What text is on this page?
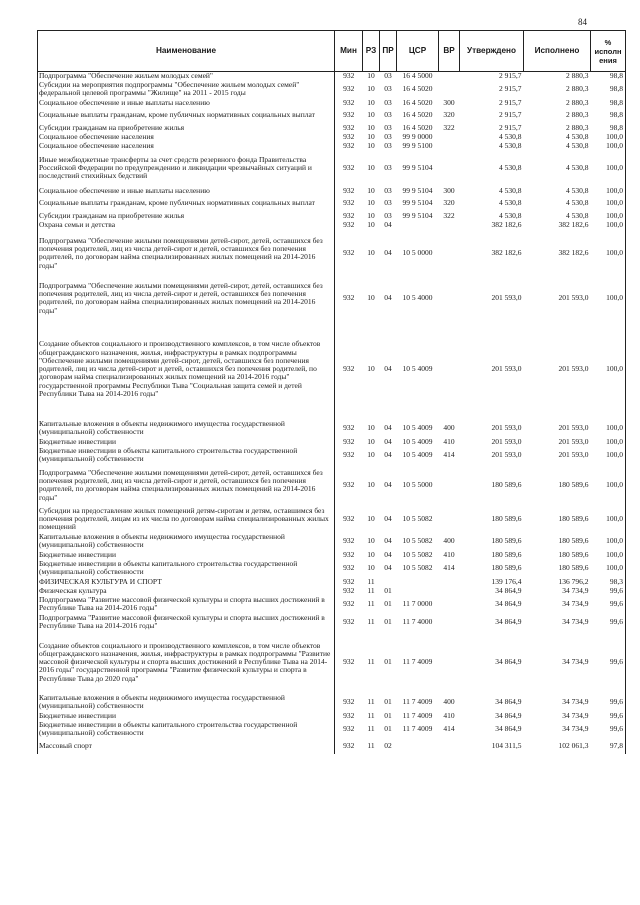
84
Наименование	Мин	РЗ	ПР	ЦСР	ВР	Утверждено	Исполнено	% исполн ения
Подпрограмма "Обеспечение жильем молодых семей"	932	10	03	16 4 5000		2 915,7	2 880,3	98,8
Субсидии на мероприятия подпрограммы "Обеспечение жильем молодых семей" федеральной целевой программы "Жилище" на 2011 - 2015 годы	932	10	03	16 4 5020		2 915,7	2 880,3	98,8
Социальное обеспечение и иные выплаты населению	932	10	03	16 4 5020	300	2 915,7	2 880,3	98,8
Социальные выплаты гражданам, кроме публичных нормативных социальных выплат	932	10	03	16 4 5020	320	2 915,7	2 880,3	98,8
Субсидии гражданам на приобретение жилья	932	10	03	16 4 5020	322	2 915,7	2 880,3	98,8
Социальное обеспечение населения	932	10	03	99 9 0000		4 530,8	4 530,8	100,0
Социальное обеспечение населения	932	10	03	99 9 5100		4 530,8	4 530,8	100,0
Иные межбюджетные трансферты за счет средств резервного фонда Правительства Российской Федерации по предупреждению и ликвидации чрезвычайных ситуаций и последствий стихийных бедствий	932	10	03	99 9 5104		4 530,8	4 530,8	100,0
Социальное обеспечение и иные выплаты населению	932	10	03	99 9 5104	300	4 530,8	4 530,8	100,0
Социальные выплаты гражданам, кроме публичных нормативных социальных выплат	932	10	03	99 9 5104	320	4 530,8	4 530,8	100,0
Субсидии гражданам на приобретение жилья	932	10	03	99 9 5104	322	4 530,8	4 530,8	100,0
Охрана семьи и детства	932	10	04			382 182,6	382 182,6	100,0
Подпрограмма "Обеспечение жилыми помещениями детей-сирот, детей, оставшихся без попечения родителей, лиц из числа детей-сирот и детей, оставшихся без попечения родителей, по договорам найма специализированных жилых помещений на 2014-2016 годы"	932	10	04	10 5 0000		382 182,6	382 182,6	100,0
Подпрограмма "Обеспечение жилыми помещениями детей-сирот, детей, оставшихся без попечения родителей, лиц из числа детей-сирот и детей, оставшихся без попечения родителей, по договорам найма специализированных жилых помещений на 2014-2016 годы"	932	10	04	10 5 4000		201 593,0	201 593,0	100,0
Создание объектов социального и производственного комплексов, в том числе объектов общегражданского назначения, жилья, инфраструктуры в рамках подпрограммы "Обеспечение жилыми помещениями детей-сирот, детей, оставшихся без попечения родителей, лиц из числа детей-сирот и детей, оставшихся без попечения родителей, по договорам найма специализированных жилых помещений на 2014-2016 годы" государственной программы Республики Тыва "Социальная защита семей и детей Республики Тыва на 2014-2016 годы"	932	10	04	10 5 4009		201 593,0	201 593,0	100,0
Капитальные вложения в объекты недвижимого имущества государственной (муниципальной) собственности	932	10	04	10 5 4009	400	201 593,0	201 593,0	100,0
Бюджетные инвестиции	932	10	04	10 5 4009	410	201 593,0	201 593,0	100,0
Бюджетные инвестиции в объекты капитального строительства государственной (муниципальной) собственности	932	10	04	10 5 4009	414	201 593,0	201 593,0	100,0
Подпрограмма "Обеспечение жилыми помещениями детей-сирот, детей, оставшихся без попечения родителей, лиц из числа детей-сирот и детей, оставшихся без попечения родителей, по договорам найма специализированных жилых помещений на 2014-2016 годы"	932	10	04	10 5 5000		180 589,6	180 589,6	100,0
Субсидии на предоставление жилых помещений детям-сиротам и детям, оставшимся без попечения родителей, лицам из их числа по договорам найма специализированных жилых помещений	932	10	04	10 5 5082		180 589,6	180 589,6	100,0
Капитальные вложения в объекты недвижимого имущества государственной (муниципальной) собственности	932	10	04	10 5 5082	400	180 589,6	180 589,6	100,0
Бюджетные инвестиции	932	10	04	10 5 5082	410	180 589,6	180 589,6	100,0
Бюджетные инвестиции в объекты капитального строительства государственной (муниципальной) собственности	932	10	04	10 5 5082	414	180 589,6	180 589,6	100,0
ФИЗИЧЕСКАЯ КУЛЬТУРА И СПОРТ	932	11				139 176,4	136 796,2	98,3
Физическая культура	932	11	01			34 864,9	34 734,9	99,6
Подпрограмма "Развитие массовой физической культуры и спорта высших достижений в Республике Тыва на 2014-2016 годы"	932	11	01	11 7 0000		34 864,9	34 734,9	99,6
Подпрограмма "Развитие массовой физической культуры и спорта высших достижений в Республике Тыва на 2014-2016 годы"	932	11	01	11 7 4000		34 864,9	34 734,9	99,6
Создание объектов социального и производственного комплексов, в том числе объектов общегражданского назначения, жилья, инфраструктуры в рамках подпрограммы "Развитие массовой физической культуры и спорта высших достижений в Республике Тыва на 2014-2016 годы" государственной программы "Развитие физической культуры и спорта в Республике Тыва до 2020 года"	932	11	01	11 7 4009		34 864,9	34 734,9	99,6
Капитальные вложения в объекты недвижимого имущества государственной (муниципальной) собственности	932	11	01	11 7 4009	400	34 864,9	34 734,9	99,6
Бюджетные инвестиции	932	11	01	11 7 4009	410	34 864,9	34 734,9	99,6
Бюджетные инвестиции в объекты капитального строительства государственной (муниципальной) собственности	932	11	01	11 7 4009	414	34 864,9	34 734,9	99,6
Массовый спорт	932	11	02			104 311,5	102 061,3	97,8
